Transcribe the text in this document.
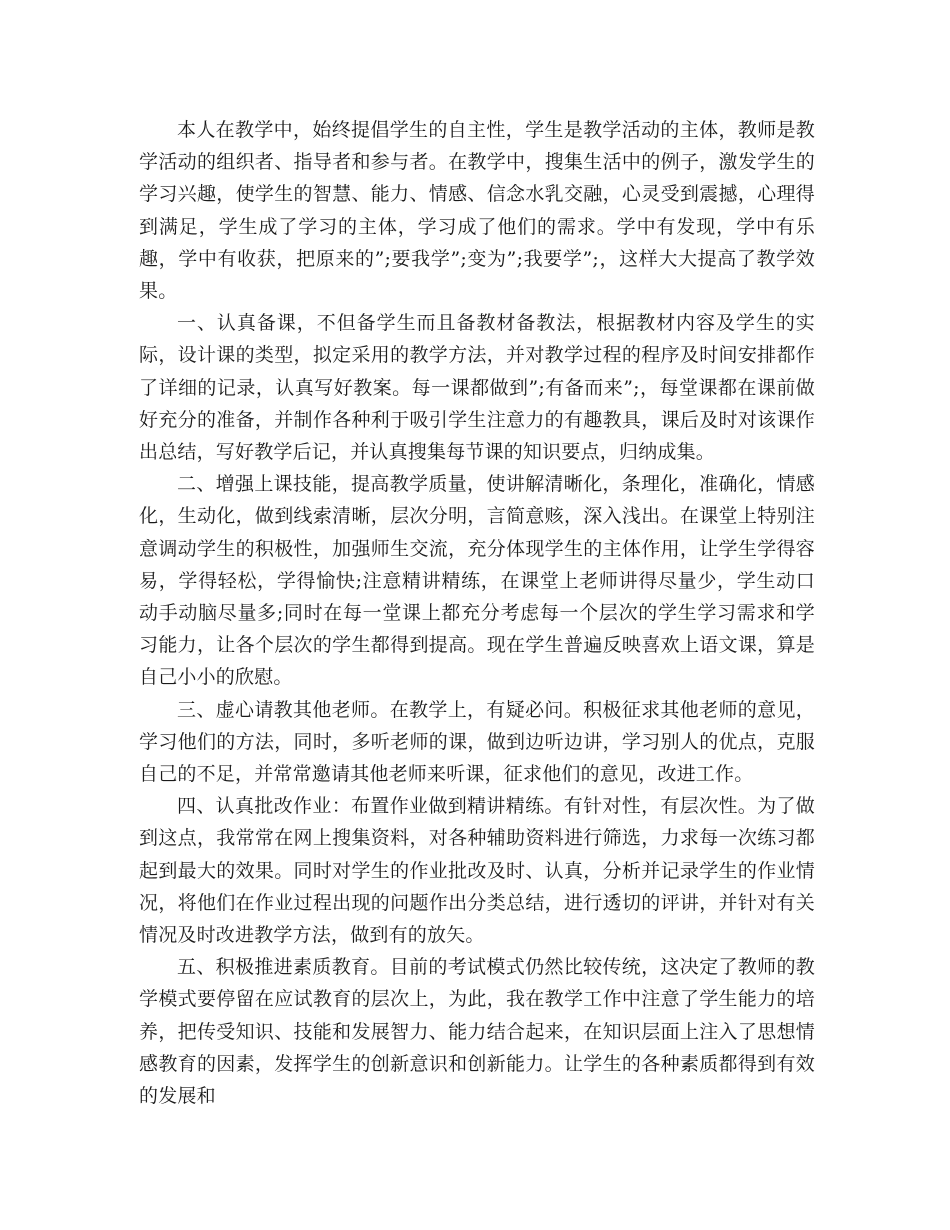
本人在教学中，始终提倡学生的自主性，学生是教学活动的主体，教师是教学活动的组织者、指导者和参与者。在教学中，搜集生活中的例子，激发学生的学习兴趣，使学生的智慧、能力、情感、信念水乳交融，心灵受到震撼，心理得到满足，学生成了学习的主体，学习成了他们的需求。学中有发现，学中有乐趣，学中有收获，把原来的”;要我学”;变为”;我要学”;，这样大大提高了教学效果。

一、认真备课，不但备学生而且备教材备教法，根据教材内容及学生的实际，设计课的类型，拟定采用的教学方法，并对教学过程的程序及时间安排都作了详细的记录，认真写好教案。每一课都做到”;有备而来”;，每堂课都在课前做好充分的准备，并制作各种利于吸引学生注意力的有趣教具，课后及时对该课作出总结，写好教学后记，并认真搜集每节课的知识要点，归纳成集。

二、增强上课技能，提高教学质量，使讲解清晰化，条理化，准确化，情感化，生动化，做到线索清晰，层次分明，言简意赅，深入浅出。在课堂上特别注意调动学生的积极性，加强师生交流，充分体现学生的主体作用，让学生学得容易，学得轻松，学得愉快;注意精讲精练，在课堂上老师讲得尽量少，学生动口动手动脑尽量多;同时在每一堂课上都充分考虑每一个层次的学生学习需求和学习能力，让各个层次的学生都得到提高。现在学生普遍反映喜欢上语文课，算是自己小小的欣慰。

三、虚心请教其他老师。在教学上，有疑必问。积极征求其他老师的意见，学习他们的方法，同时，多听老师的课，做到边听边讲，学习别人的优点，克服自己的不足，并常常邀请其他老师来听课，征求他们的意见，改进工作。

四、认真批改作业：布置作业做到精讲精练。有针对性，有层次性。为了做到这点，我常常在网上搜集资料，对各种辅助资料进行筛选，力求每一次练习都起到最大的效果。同时对学生的作业批改及时、认真，分析并记录学生的作业情况，将他们在作业过程出现的问题作出分类总结，进行透切的评讲，并针对有关情况及时改进教学方法，做到有的放矢。

五、积极推进素质教育。目前的考试模式仍然比较传统，这决定了教师的教学模式要停留在应试教育的层次上，为此，我在教学工作中注意了学生能力的培养，把传受知识、技能和发展智力、能力结合起来，在知识层面上注入了思想情感教育的因素，发挥学生的创新意识和创新能力。让学生的各种素质都得到有效的发展和
